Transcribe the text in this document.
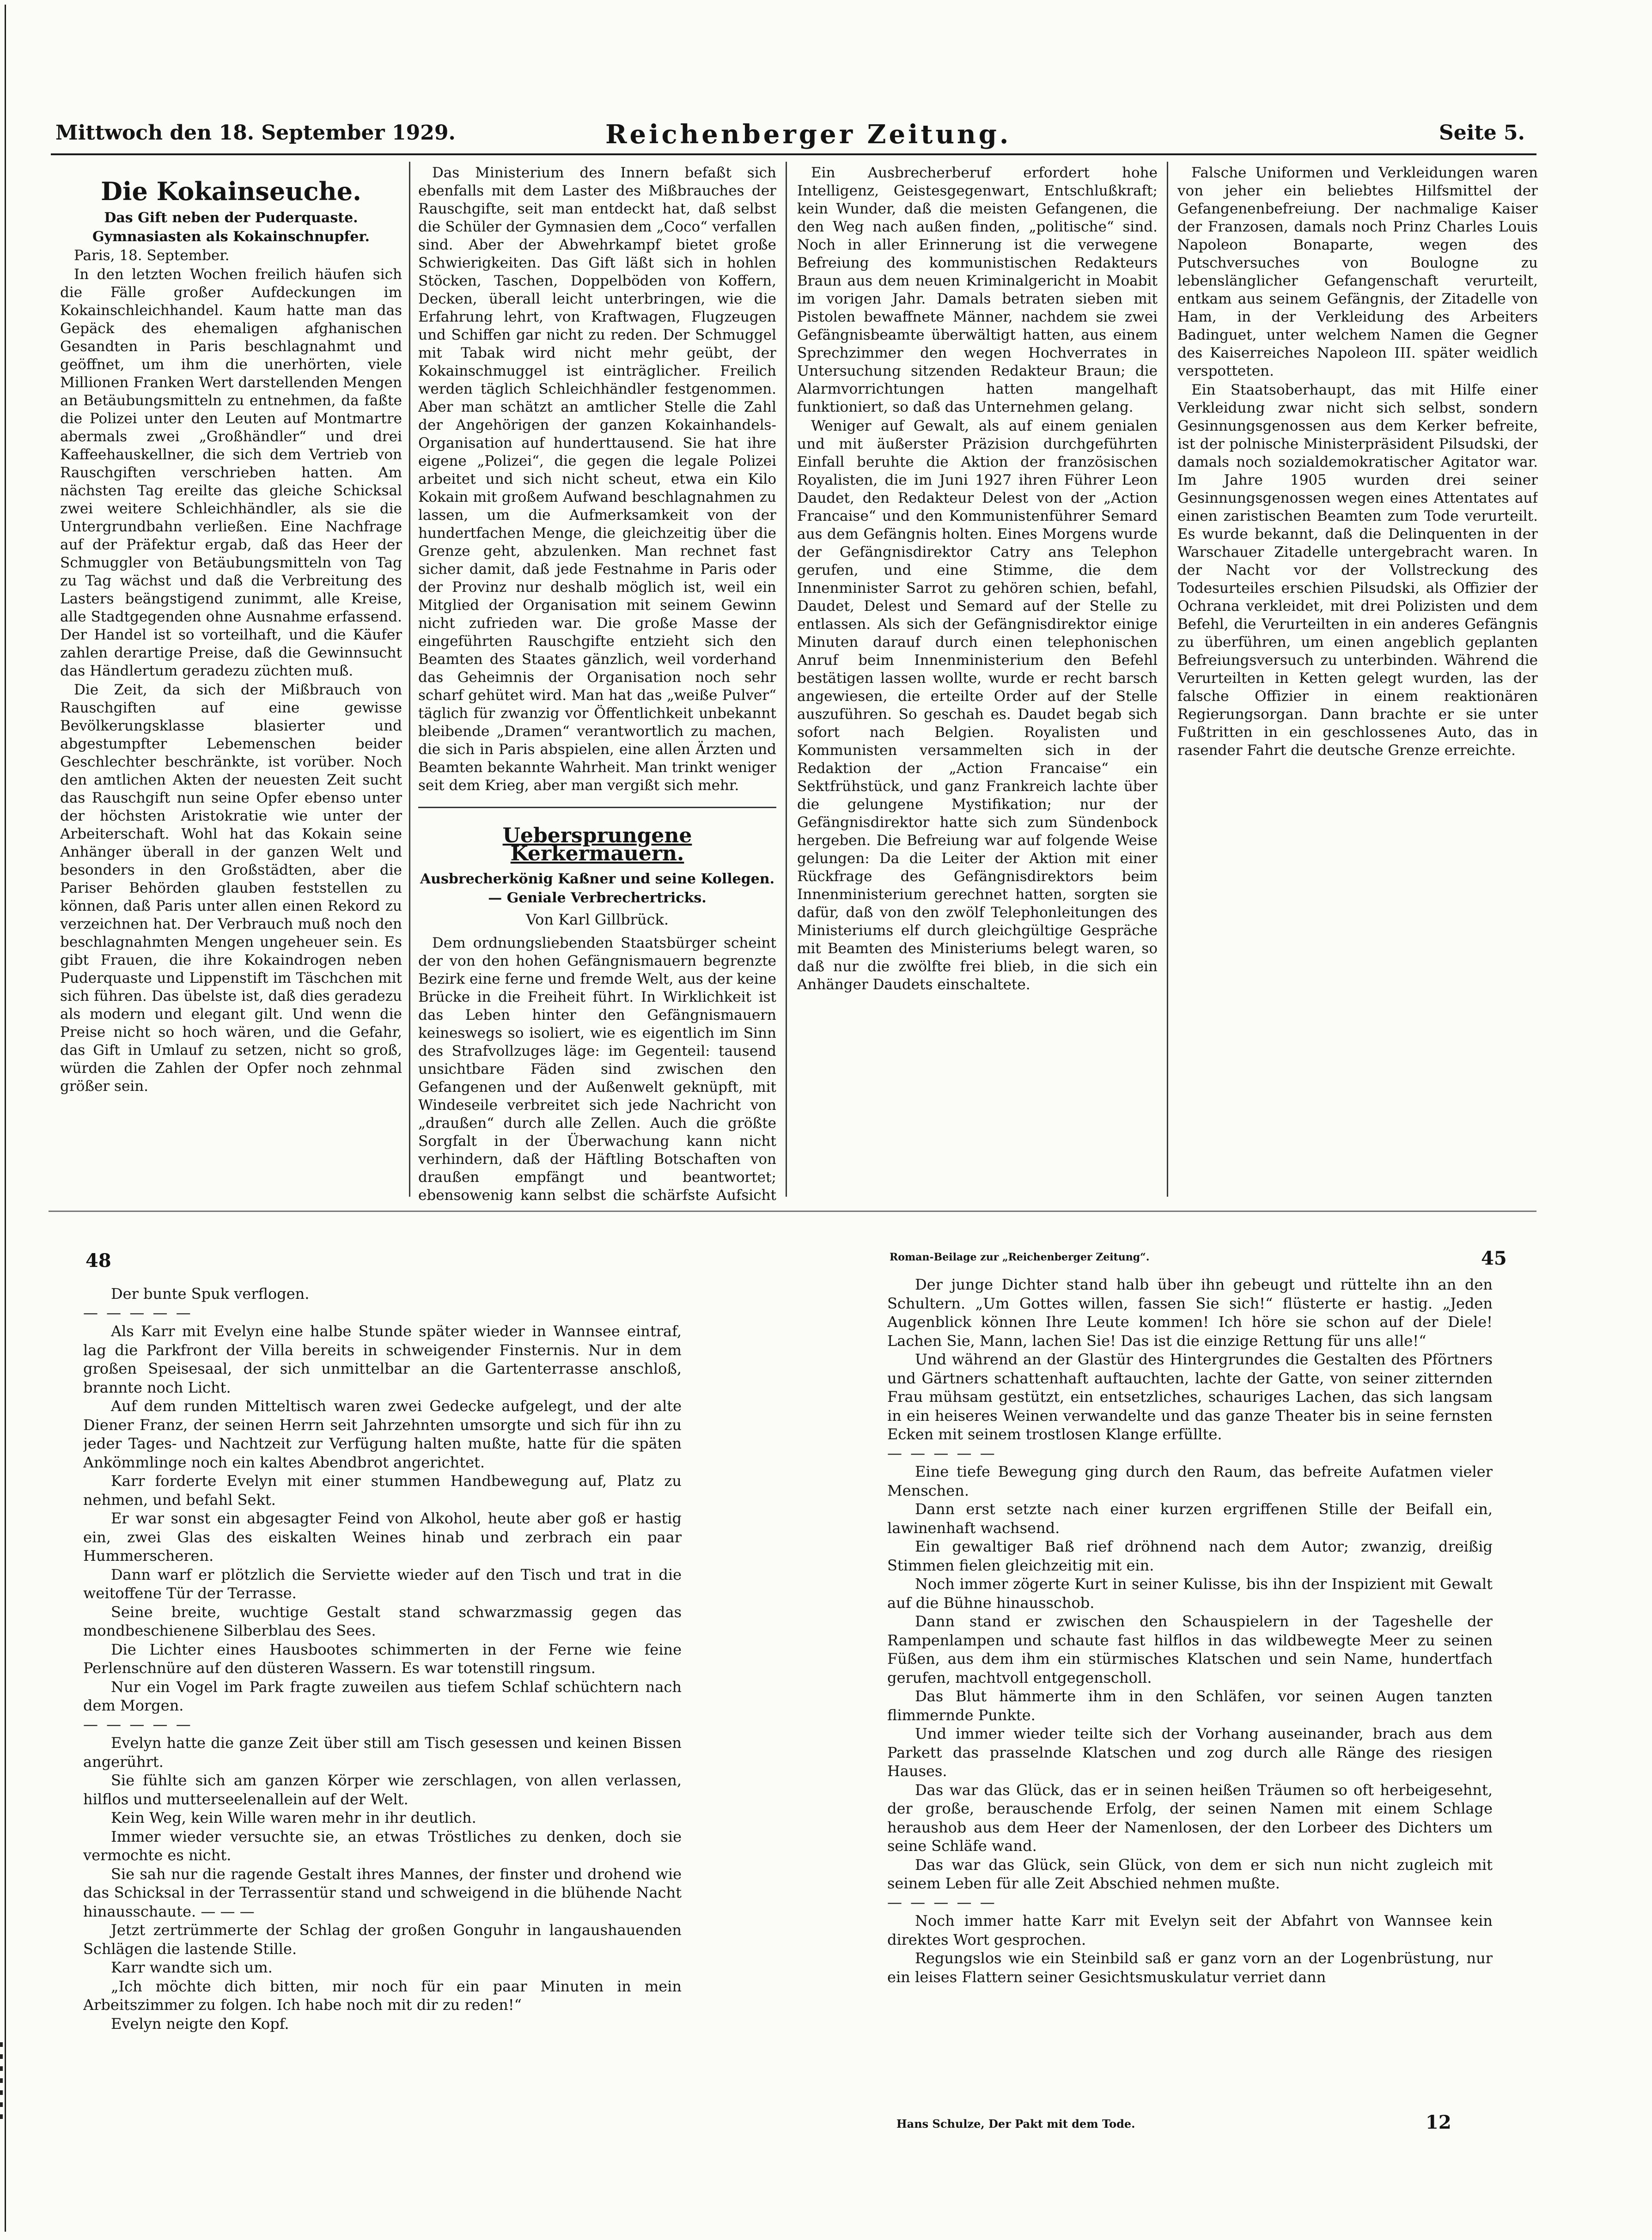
Mittwoch den 18. September 1929.	Reichenberger Zeitung.	Seite 5.
Die Kokainseuche.
Das Gift neben der Puderquaste.
Gymnasiasten als Kokainschnupfer.

Paris, 18. September.

In den letzten Wochen freilich häufen sich die Fälle großer Aufdeckungen im Kokainschleichhandel. Kaum hatte man das Gepäck des ehemaligen afghanischen Gesandten in Paris beschlagnahmt und geöffnet, um ihm die unerhörten, viele Millionen Franken Wert darstellenden Mengen an Betäubungsmitteln zu entnehmen, da faßte die Polizei unter den Leuten auf Montmartre abermals zwei „Großhändler“ und drei Kaffeehauskellner, die sich dem Vertrieb von Rauschgiften verschrieben hatten. Am nächsten Tag ereilte das gleiche Schicksal zwei weitere Schleichhändler, als sie die Untergrundbahn verließen. Eine Nachfrage auf der Präfektur ergab, daß das Heer der Schmuggler von Betäubungsmitteln von Tag zu Tag wächst und daß die Verbreitung des Lasters beängstigend zunimmt, alle Kreise, alle Stadtgegenden ohne Ausnahme erfassend. Der Handel ist so vorteilhaft, und die Käufer zahlen derartige Preise, daß die Gewinnsucht das Händlertum geradezu züchten muß.

Die Zeit, da sich der Mißbrauch von Rauschgiften auf eine gewisse Bevölkerungsklasse blasierter und abgestumpfter Lebemenschen beider Geschlechter beschränkte, ist vorüber. Noch den amtlichen Akten der neuesten Zeit sucht das Rauschgift nun seine Opfer ebenso unter der höchsten Aristokratie wie unter der Arbeiterschaft. Wohl hat das Kokain seine Anhänger überall in der ganzen Welt und besonders in den Großstädten, aber die Pariser Behörden glauben feststellen zu können, daß Paris unter allen einen Rekord zu verzeichnen hat. Der Verbrauch muß noch den beschlagnahmten Mengen ungeheuer sein. Es gibt Frauen, die ihre Kokaindrogen neben Puderquaste und Lippenstift im Täschchen mit sich führen. Das übelste ist, daß dies geradezu als modern und elegant gilt. Und wenn die Preise nicht so hoch wären, und die Gefahr, das Gift in Umlauf zu setzen, nicht so groß, würden die Zahlen der Opfer noch zehnmal größer sein.

Das Ministerium des Innern befaßt sich ebenfalls mit dem Laster des Mißbrauches der Rauschgifte, seit man entdeckt hat, daß selbst die Schüler der Gymnasien dem „Coco“ verfallen sind. Aber der Abwehrkampf bietet große Schwierigkeiten. Das Gift läßt sich in hohlen Stöcken, Taschen, Doppelböden von Koffern, Decken, überall leicht unterbringen, wie die Erfahrung lehrt, von Kraftwagen, Flugzeugen und Schiffen gar nicht zu reden. Der Schmuggel mit Tabak wird nicht mehr geübt, der Kokainschmuggel ist einträglicher. Freilich werden täglich Schleichhändler festgenommen. Aber man schätzt an amtlicher Stelle die Zahl der Angehörigen der ganzen Kokainhandels-Organisation auf hunderttausend. Sie hat ihre eigene „Polizei“, die gegen die legale Polizei arbeitet und sich nicht scheut, etwa ein Kilo Kokain mit großem Aufwand beschlagnahmen zu lassen, um die Aufmerksamkeit von der hundertfachen Menge, die gleichzeitig über die Grenze geht, abzulenken. Man rechnet fast sicher damit, daß jede Festnahme in Paris oder der Provinz nur deshalb möglich ist, weil ein Mitglied der Organisation mit seinem Gewinn nicht zufrieden war. Die große Masse der eingeführten Rauschgifte entzieht sich den Beamten des Staates gänzlich, weil vorderhand das Geheimnis der Organisation noch sehr scharf gehütet wird. Man hat das „weiße Pulver“ täglich für zwanzig vor Öffentlichkeit unbekannt bleibende „Dramen“ verantwortlich zu machen, die sich in Paris abspielen, eine allen Ärzten und Beamten bekannte Wahrheit. Man trinkt weniger seit dem Krieg, aber man vergißt sich mehr.

Uebersprungene Kerkermauern.
Ausbrecherkönig Kaßner und seine Kollegen.
— Geniale Verbrechertricks.
Von Karl Gillbrück.

Dem ordnungsliebenden Staatsbürger scheint der von den hohen Gefängnismauern begrenzte Bezirk eine ferne und fremde Welt, aus der keine Brücke in die Freiheit führt. In Wirklichkeit ist das Leben hinter den Gefängnismauern keineswegs so isoliert, wie es eigentlich im Sinn des Strafvollzuges läge: im Gegenteil: tausend unsichtbare Fäden sind zwischen den Gefangenen und der Außenwelt geknüpft, mit Windeseile verbreitet sich jede Nachricht von „draußen“ durch alle Zellen. Auch die größte Sorgfalt in der Überwachung kann nicht verhindern, daß der Häftling Botschaften von draußen empfängt und beantwortet; ebensowenig kann selbst die schärfste Aufsicht

Ein Ausbrecherberuf erfordert hohe Intelligenz, Geistesgegenwart, Entschlußkraft; kein Wunder, daß die meisten Gefangenen, die den Weg nach außen finden, „politische“ sind. Noch in aller Erinnerung ist die verwegene Befreiung des kommunistischen Redakteurs Braun aus dem neuen Kriminalgericht in Moabit im vorigen Jahr. Damals betraten sieben mit Pistolen bewaffnete Männer, nachdem sie zwei Gefängnisbeamte überwältigt hatten, aus einem Sprechzimmer den wegen Hochverrates in Untersuchung sitzenden Redakteur Braun; die Alarmvorrichtungen hatten mangelhaft funktioniert, so daß das Unternehmen gelang.

Weniger auf Gewalt, als auf einem genialen und mit äußerster Präzision durchgeführten Einfall beruhte die Aktion der französischen Royalisten, die im Juni 1927 ihren Führer Leon Daudet, den Redakteur Delest von der „Action Francaise“ und den Kommunistenführer Semard aus dem Gefängnis holten. Eines Morgens wurde der Gefängnisdirektor Catry ans Telephon gerufen, und eine Stimme, die dem Innenminister Sarrot zu gehören schien, befahl, Daudet, Delest und Semard auf der Stelle zu entlassen. Als sich der Gefängnisdirektor einige Minuten darauf durch einen telephonischen Anruf beim Innenministerium den Befehl bestätigen lassen wollte, wurde er recht barsch angewiesen, die erteilte Order auf der Stelle auszuführen. So geschah es. Daudet begab sich sofort nach Belgien. Royalisten und Kommunisten versammelten sich in der Redaktion der „Action Francaise“ ein Sektfrühstück, und ganz Frankreich lachte über die gelungene Mystifikation; nur der Gefängnisdirektor hatte sich zum Sündenbock hergeben. Die Befreiung war auf folgende Weise gelungen: Da die Leiter der Aktion mit einer Rückfrage des Gefängnisdirektors beim Innenministerium gerechnet hatten, sorgten sie dafür, daß von den zwölf Telephonleitungen des Ministeriums elf durch gleichgültige Gespräche mit Beamten des Ministeriums belegt waren, so daß nur die zwölfte frei blieb, in die sich ein Anhänger Daudets einschaltete.

Falsche Uniformen und Verkleidungen waren von jeher ein beliebtes Hilfsmittel der Gefangenenbefreiung. Der nachmalige Kaiser der Franzosen, damals noch Prinz Charles Louis Napoleon Bonaparte, wegen des Putschversuches von Boulogne zu lebenslänglicher Gefangenschaft verurteilt, entkam aus seinem Gefängnis, der Zitadelle von Ham, in der Verkleidung des Arbeiters Badinguet, unter welchem Namen die Gegner des Kaiserreiches Napoleon III. später weidlich verspotteten.

Ein Staatsoberhaupt, das mit Hilfe einer Verkleidung zwar nicht sich selbst, sondern Gesinnungsgenossen aus dem Kerker befreite, ist der polnische Ministerpräsident Pilsudski, der damals noch sozialdemokratischer Agitator war. Im Jahre 1905 wurden drei seiner Gesinnungsgenossen wegen eines Attentates auf einen zaristischen Beamten zum Tode verurteilt. Es wurde bekannt, daß die Delinquenten in der Warschauer Zitadelle untergebracht waren. In der Nacht vor der Vollstreckung des Todesurteiles erschien Pilsudski, als Offizier der Ochrana verkleidet, mit drei Polizisten und dem Befehl, die Verurteilten in ein anderes Gefängnis zu überführen, um einen angeblich geplanten Befreiungsversuch zu unterbinden. Während die Verurteilten in Ketten gelegt wurden, las der falsche Offizier in einem reaktionären Regierungsorgan. Dann brachte er sie unter Fußtritten in ein geschlossenes Auto, das in rasender Fahrt die deutsche Grenze erreichte.

48

Der bunte Spuk verflogen.

— — — — —

Als Karr mit Evelyn eine halbe Stunde später wieder in Wannsee eintraf, lag die Parkfront der Villa bereits in schweigender Finsternis. Nur in dem großen Speisesaal, der sich unmittelbar an die Gartenterrasse anschloß, brannte noch Licht.

Auf dem runden Mitteltisch waren zwei Gedecke aufgelegt, und der alte Diener Franz, der seinen Herrn seit Jahrzehnten umsorgte und sich für ihn zu jeder Tages- und Nachtzeit zur Verfügung halten mußte, hatte für die späten Ankömmlinge noch ein kaltes Abendbrot angerichtet.

Karr forderte Evelyn mit einer stummen Handbewegung auf, Platz zu nehmen, und befahl Sekt.

Er war sonst ein abgesagter Feind von Alkohol, heute aber goß er hastig ein, zwei Glas des eiskalten Weines hinab und zerbrach ein paar Hummerscheren.

Dann warf er plötzlich die Serviette wieder auf den Tisch und trat in die weitoffene Tür der Terrasse.

Seine breite, wuchtige Gestalt stand schwarzmassig gegen das mondbeschienene Silberblau des Sees.

Die Lichter eines Hausbootes schimmerten in der Ferne wie feine Perlenschnüre auf den düsteren Wassern. Es war totenstill ringsum.

Nur ein Vogel im Park fragte zuweilen aus tiefem Schlaf schüchtern nach dem Morgen.

— — — — —

Evelyn hatte die ganze Zeit über still am Tisch gesessen und keinen Bissen angerührt.

Sie fühlte sich am ganzen Körper wie zerschlagen, von allen verlassen, hilflos und mutterseelenallein auf der Welt.

Kein Weg, kein Wille waren mehr in ihr deutlich.

Immer wieder versuchte sie, an etwas Tröstliches zu denken, doch sie vermochte es nicht.

Sie sah nur die ragende Gestalt ihres Mannes, der finster und drohend wie das Schicksal in der Terrassentür stand und schweigend in die blühende Nacht hinausschaute. — — —

Jetzt zertrümmerte der Schlag der großen Gonguhr in langaushauenden Schlägen die lastende Stille.

Karr wandte sich um.

„Ich möchte dich bitten, mir noch für ein paar Minuten in mein Arbeitszimmer zu folgen. Ich habe noch mit dir zu reden!“

Evelyn neigte den Kopf.

Roman-Beilage zur „Reichenberger Zeitung“.	45

Der junge Dichter stand halb über ihn gebeugt und rüttelte ihn an den Schultern. „Um Gottes willen, fassen Sie sich!“ flüsterte er hastig. „Jeden Augenblick können Ihre Leute kommen! Ich höre sie schon auf der Diele! Lachen Sie, Mann, lachen Sie! Das ist die einzige Rettung für uns alle!“

Und während an der Glastür des Hintergrundes die Gestalten des Pförtners und Gärtners schattenhaft auftauchten, lachte der Gatte, von seiner zitternden Frau mühsam gestützt, ein entsetzliches, schauriges Lachen, das sich langsam in ein heiseres Weinen verwandelte und das ganze Theater bis in seine fernsten Ecken mit seinem trostlosen Klange erfüllte.

— — — — —

Eine tiefe Bewegung ging durch den Raum, das befreite Aufatmen vieler Menschen.

Dann erst setzte nach einer kurzen ergriffenen Stille der Beifall ein, lawinenhaft wachsend.

Ein gewaltiger Baß rief dröhnend nach dem Autor; zwanzig, dreißig Stimmen fielen gleichzeitig mit ein.

Noch immer zögerte Kurt in seiner Kulisse, bis ihn der Inspizient mit Gewalt auf die Bühne hinausschob.

Dann stand er zwischen den Schauspielern in der Tageshelle der Rampenlampen und schaute fast hilflos in das wildbewegte Meer zu seinen Füßen, aus dem ihm ein stürmisches Klatschen und sein Name, hundertfach gerufen, machtvoll entgegenscholl.

Das Blut hämmerte ihm in den Schläfen, vor seinen Augen tanzten flimmernde Punkte.

Und immer wieder teilte sich der Vorhang auseinander, brach aus dem Parkett das prasselnde Klatschen und zog durch alle Ränge des riesigen Hauses.

Das war das Glück, das er in seinen heißen Träumen so oft herbeigesehnt, der große, berauschende Erfolg, der seinen Namen mit einem Schlage heraushob aus dem Heer der Namenlosen, der den Lorbeer des Dichters um seine Schläfe wand.

Das war das Glück, sein Glück, von dem er sich nun nicht zugleich mit seinem Leben für alle Zeit Abschied nehmen mußte.

— — — — —

Noch immer hatte Karr mit Evelyn seit der Abfahrt von Wannsee kein direktes Wort gesprochen.

Regungslos wie ein Steinbild saß er ganz vorn an der Logenbrüstung, nur ein leises Flattern seiner Gesichtsmuskulatur verriet dann

Hans Schulze, Der Pakt mit dem Tode.	12
